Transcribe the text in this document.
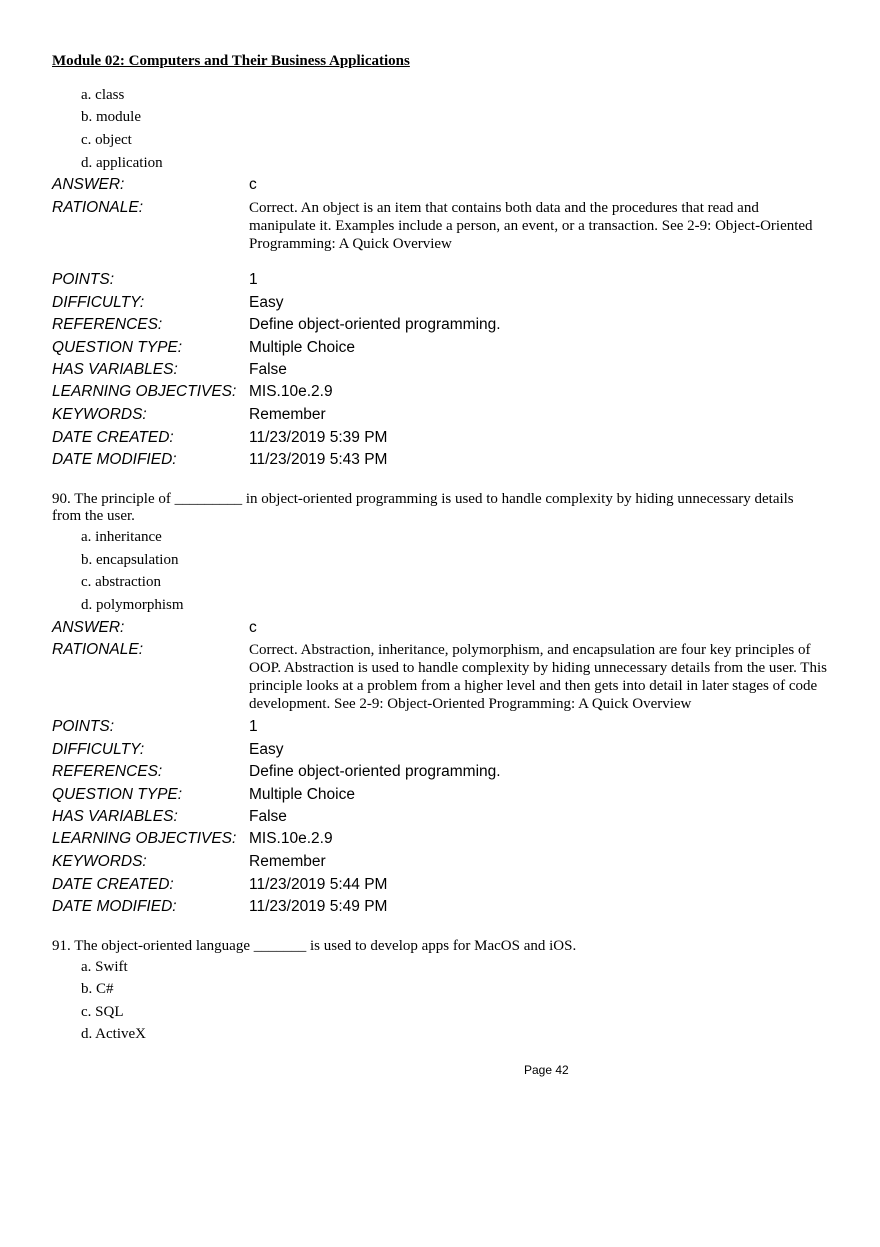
Module 02: Computers and Their Business Applications
a. class
b. module
c. object
d. application
ANSWER:	c
RATIONALE:	Correct. An object is an item that contains both data and the procedures that read and manipulate it. Examples include a person, an event, or a transaction. See 2-9: Object-Oriented Programming: A Quick Overview
POINTS:	1
DIFFICULTY:	Easy
REFERENCES:	Define object-oriented programming.
QUESTION TYPE:	Multiple Choice
HAS VARIABLES:	False
LEARNING OBJECTIVES: MIS.10e.2.9
KEYWORDS:	Remember
DATE CREATED:	11/23/2019 5:39 PM
DATE MODIFIED:	11/23/2019 5:43 PM
90. The principle of _________ in object-oriented programming is used to handle complexity by hiding unnecessary details from the user.
a. inheritance
b. encapsulation
c. abstraction
d. polymorphism
ANSWER:	c
RATIONALE:	Correct. Abstraction, inheritance, polymorphism, and encapsulation are four key principles of OOP. Abstraction is used to handle complexity by hiding unnecessary details from the user. This principle looks at a problem from a higher level and then gets into detail in later stages of code development. See 2-9: Object-Oriented Programming: A Quick Overview
POINTS:	1
DIFFICULTY:	Easy
REFERENCES:	Define object-oriented programming.
QUESTION TYPE:	Multiple Choice
HAS VARIABLES:	False
LEARNING OBJECTIVES: MIS.10e.2.9
KEYWORDS:	Remember
DATE CREATED:	11/23/2019 5:44 PM
DATE MODIFIED:	11/23/2019 5:49 PM
91. The object-oriented language _______ is used to develop apps for MacOS and iOS.
a. Swift
b. C#
c. SQL
d. ActiveX
Page 42
